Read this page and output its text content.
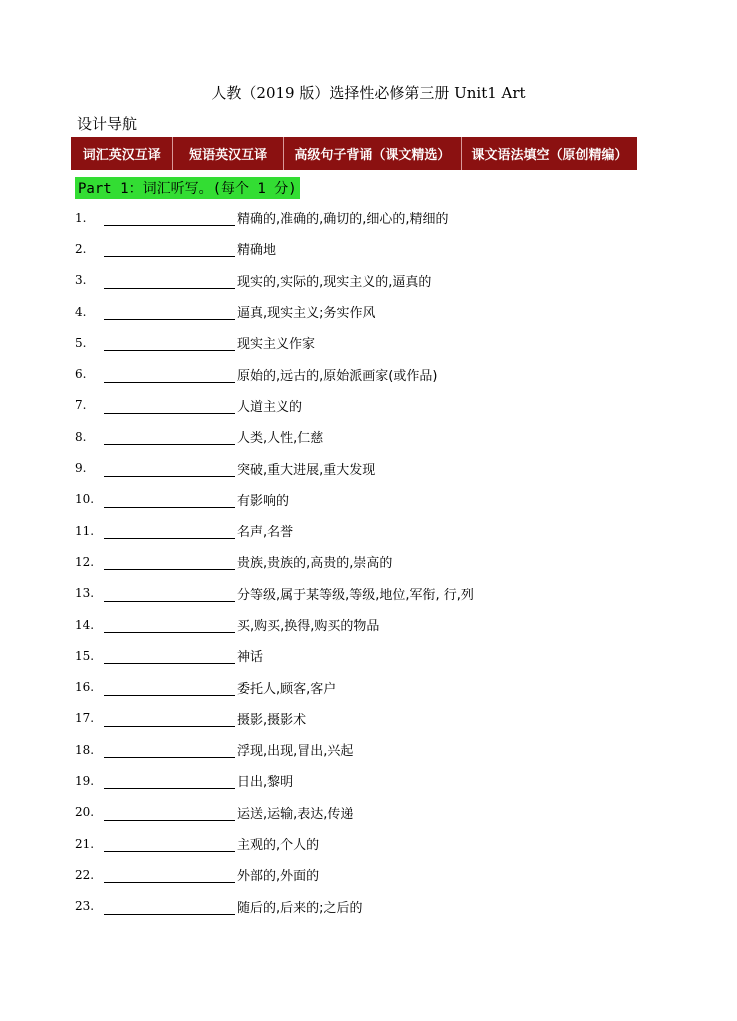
人教（2019 版）选择性必修第三册 Unit1 Art
设计导航
词汇英汉互译	短语英汉互译	高级句子背诵（课文精选）	课文语法填空（原创精编）
Part 1：词汇听写。(每个 1 分)
1.	精确的,准确的,确切的,细心的,精细的
2.	精确地
3.	现实的,实际的,现实主义的,逼真的
4.	逼真,现实主义;务实作风
5.	现实主义作家
6.	原始的,远古的,原始派画家(或作品)
7.	人道主义的
8.	人类,人性,仁慈
9.	突破,重大进展,重大发现
10.	有影响的
11.	名声,名誉
12.	贵族,贵族的,高贵的,崇高的
13.	分等级,属于某等级,等级,地位,军衔, 行,列
14.	买,购买,换得,购买的物品
15.	神话
16.	委托人,顾客,客户
17.	摄影,摄影术
18.	浮现,出现,冒出,兴起
19.	日出,黎明
20.	运送,运输,表达,传递
21.	主观的,个人的
22.	外部的,外面的
23.	随后的,后来的;之后的
